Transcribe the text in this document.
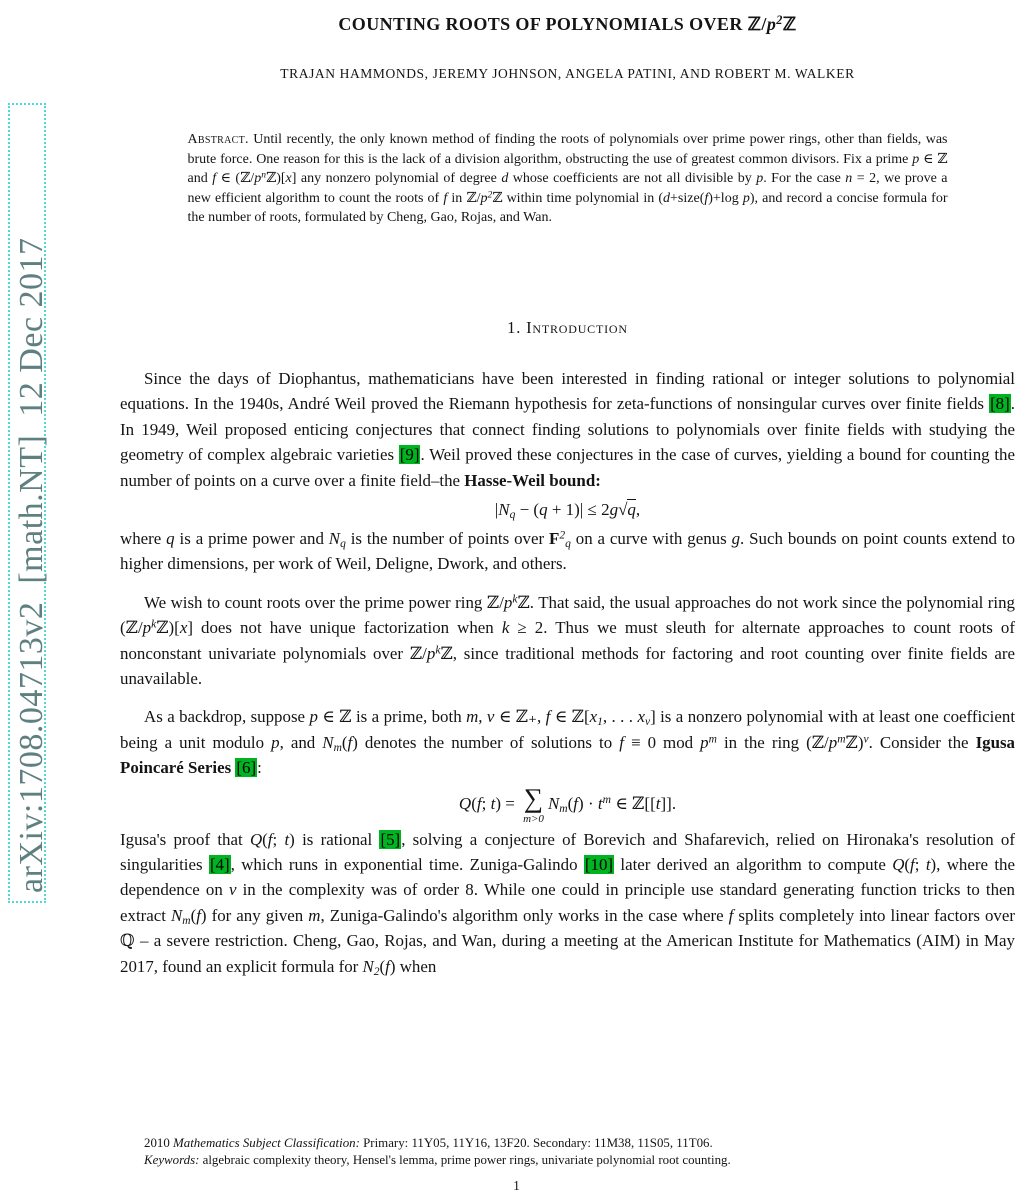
arXiv:1708.04713v2  [math.NT]  12 Dec 2017
COUNTING ROOTS OF POLYNOMIALS OVER $ℤ/p^2ℤ$
TRAJAN HAMMONDS, JEREMY JOHNSON, ANGELA PATINI, AND ROBERT M. WALKER
Abstract. Until recently, the only known method of finding the roots of polynomials over prime power rings, other than fields, was brute force. One reason for this is the lack of a division algorithm, obstructing the use of greatest common divisors. Fix a prime p ∈ ℤ and f ∈ $(ℤ/p^nℤ)[x]$ any nonzero polynomial of degree d whose coefficients are not all divisible by p. For the case n = 2, we prove a new efficient algorithm to count the roots of f in $ℤ/p^2ℤ$ within time polynomial in (d+size(f)+log p), and record a concise formula for the number of roots, formulated by Cheng, Gao, Rojas, and Wan.
1. Introduction

Since the days of Diophantus, mathematicians have been interested in finding rational or integer solutions to polynomial equations. In the 1940s, André Weil proved the Riemann hypothesis for zeta-functions of nonsingular curves over finite fields [8]. In 1949, Weil proposed enticing conjectures that connect finding solutions to polynomials over finite fields with studying the geometry of complex algebraic varieties [9]. Weil proved these conjectures in the case of curves, yielding a bound for counting the number of points on a curve over a finite field–the Hasse-Weil bound:

$|N_q - (q + 1)| \le 2g√q$,

where q is a prime power and $N_q$ is the number of points over $F^2_q$ on a curve with genus g. Such bounds on point counts extend to higher dimensions, per work of Weil, Deligne, Dwork, and others.

We wish to count roots over the prime power ring $ℤ/p^kℤ$. That said, the usual approaches do not work since the polynomial ring $(ℤ/p^kℤ)[x]$ does not have unique factorization when k ≥ 2. Thus we must sleuth for alternate approaches to count roots of nonconstant univariate polynomials over $ℤ/p^kℤ$, since traditional methods for factoring and root counting over finite fields are unavailable.

As a backdrop, suppose p ∈ ℤ is a prime, both m, v ∈ ℤ₊, f ∈ $ℤ[x_1$, . . . $x_v$] is a nonzero polynomial with at least one coefficient being a unit modulo p, and $N_m(f)$ denotes the number of solutions to f ≡ 0 mod $p^m$ in the ring $(ℤ/p^mℤ)^v$. Consider the Igusa Poincaré Series [6]:

Q(f; t) = ∑
m>0
$N_m(f) \cdot t^m$ ∈ ℤ[[t]].

Igusa's proof that Q(f; t) is rational [5], solving a conjecture of Borevich and Shafarevich, relied on Hironaka's resolution of singularities [4], which runs in exponential time. Zuniga-Galindo [10] later derived an algorithm to compute Q(f; t), where the dependence on v in the complexity was of order 8. While one could in principle use standard generating function tricks to then extract $N_m(f)$ for any given m, Zuniga-Galindo's algorithm only works in the case where f splits completely into linear factors over ℚ – a severe restriction. Cheng, Gao, Rojas, and Wan, during a meeting at the American Institute for Mathematics (AIM) in May 2017, found an explicit formula for $N_2(f)$ when

2010 Mathematics Subject Classification: Primary: 11Y05, 11Y16, 13F20. Secondary: 11M38, 11S05, 11T06.

Keywords: algebraic complexity theory, Hensel's lemma, prime power rings, univariate polynomial root counting.

1
